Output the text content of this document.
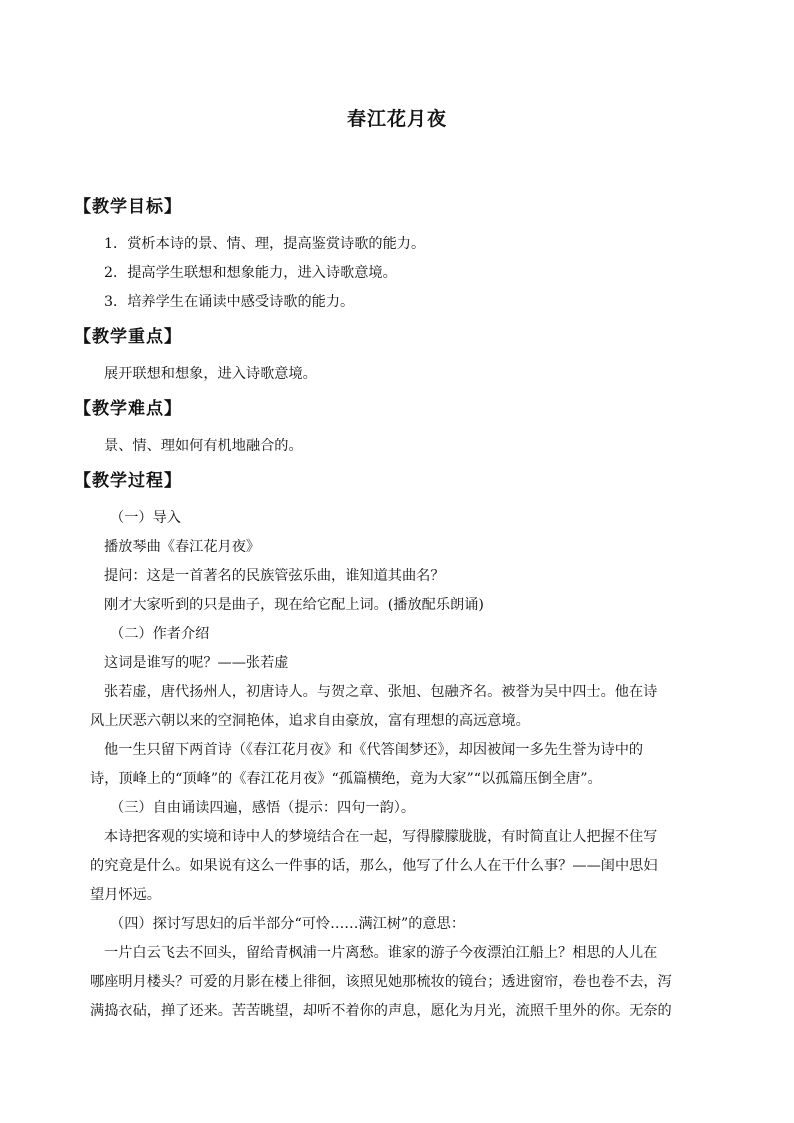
春江花月夜
【教学目标】
1．赏析本诗的景、情、理，提高鉴赏诗歌的能力。
2．提高学生联想和想象能力，进入诗歌意境。
3．培养学生在诵读中感受诗歌的能力。
【教学重点】
展开联想和想象，进入诗歌意境。
【教学难点】
景、情、理如何有机地融合的。
【教学过程】
（一）导入
播放琴曲《春江花月夜》
提问：这是一首著名的民族管弦乐曲，谁知道其曲名？
刚才大家听到的只是曲子，现在给它配上词。(播放配乐朗诵)
（二）作者介绍
这词是谁写的呢？——张若虚
张若虚，唐代扬州人，初唐诗人。与贺之章、张旭、包融齐名。被誉为吴中四士。他在诗
风上厌恶六朝以来的空洞艳体，追求自由豪放，富有理想的高远意境。
他一生只留下两首诗（《春江花月夜》和《代答闺梦还》，却因被闻一多先生誉为诗中的
诗，顶峰上的“顶峰”的《春江花月夜》“孤篇横绝，竟为大家”“以孤篇压倒全唐”。
（三）自由诵读四遍，感悟（提示：四句一韵）。
本诗把客观的实境和诗中人的梦境结合在一起，写得朦朦胧胧，有时简直让人把握不住写
的究竟是什么。如果说有这么一件事的话，那么，他写了什么人在干什么事？——闺中思妇
望月怀远。
（四）探讨写思妇的后半部分“可怜……满江树”的意思：
一片白云飞去不回头，留给青枫浦一片离愁。谁家的游子今夜漂泊江船上？相思的人儿在
哪座明月楼头？可爱的月影在楼上徘徊，该照见她那梳妆的镜台；透进窗帘，卷也卷不去，泻
满捣衣砧，掸了还来。苦苦眺望，却听不着你的声息，愿化为月光，流照千里外的你。无奈的
